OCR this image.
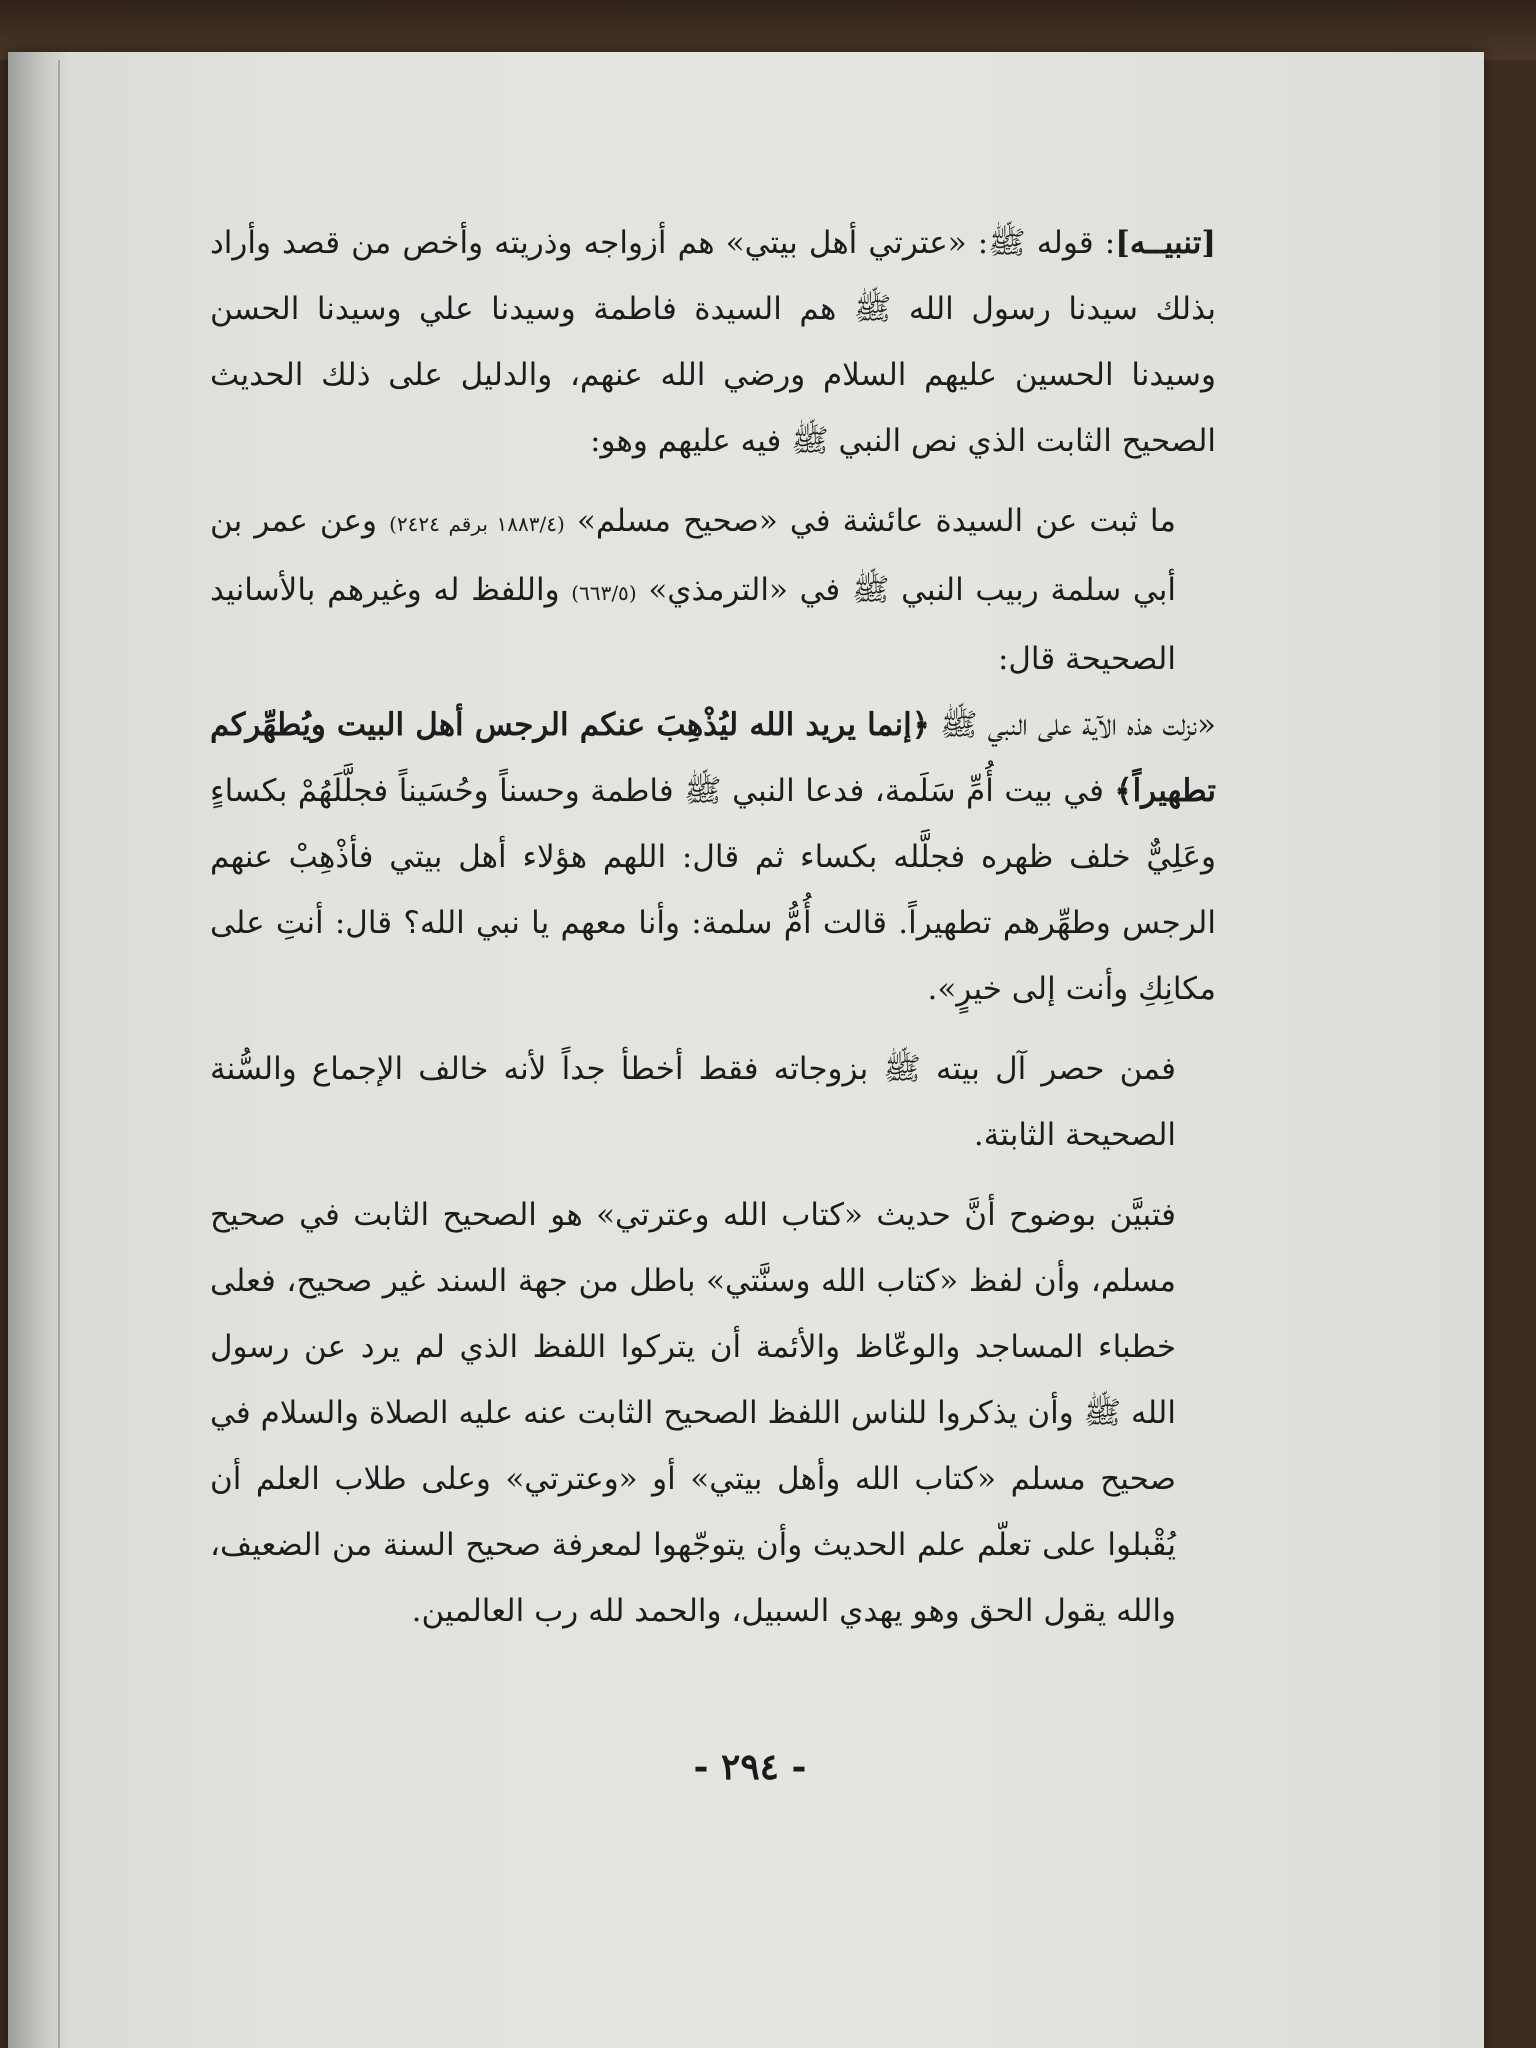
[تنبيــه]: قوله ﷺ: «عترتي أهل بيتي» هم أزواجه وذريته وأخص من قصد وأراد بذلك سيدنا رسول الله ﷺ هم السيدة فاطمة وسيدنا علي وسيدنا الحسن وسيدنا الحسين عليهم السلام ورضي الله عنهم، والدليل على ذلك الحديث الصحيح الثابت الذي نص النبي ﷺ فيه عليهم وهو:

ما ثبت عن السيدة عائشة في «صحيح مسلم» (١٨٨٣/٤ برقم ٢٤٢٤) وعن عمر بن أبي سلمة ربيب النبي ﷺ في «الترمذي» (٦٦٣/٥) واللفظ له وغيرهم بالأسانيد الصحيحة قال:

«نزلت هذه الآية على النبي ﷺ ﴿إنما يريد الله ليُذْهِبَ عنكم الرجس أهل البيت ويُطهِّركم تطهيراً﴾ في بيت أُمِّ سَلَمة، فدعا النبي ﷺ فاطمة وحسناً وحُسَيناً فجلَّلَهُمْ بكساءٍ وعَلِيٌّ خلف ظهره فجلَّله بكساء ثم قال: اللهم هؤلاء أهل بيتي فأذْهِبْ عنهم الرجس وطهِّرهم تطهيراً. قالت أُمُّ سلمة: وأنا معهم يا نبي الله؟ قال: أنتِ على مكانِكِ وأنت إلى خيرٍ».

فمن حصر آل بيته ﷺ بزوجاته فقط أخطأ جداً لأنه خالف الإجماع والسُّنة الصحيحة الثابتة.

فتبيَّن بوضوح أنَّ حديث «كتاب الله وعترتي» هو الصحيح الثابت في صحيح مسلم، وأن لفظ «كتاب الله وسنَّتي» باطل من جهة السند غير صحيح، فعلى خطباء المساجد والوعّاظ والأئمة أن يتركوا اللفظ الذي لم يرد عن رسول الله ﷺ وأن يذكروا للناس اللفظ الصحيح الثابت عنه عليه الصلاة والسلام في صحيح مسلم «كتاب الله وأهل بيتي» أو «وعترتي» وعلى طلاب العلم أن يُقْبلوا على تعلّم علم الحديث وأن يتوجّهوا لمعرفة صحيح السنة من الضعيف، والله يقول الحق وهو يهدي السبيل، والحمد لله رب العالمين.

- ٢٩٤ -
